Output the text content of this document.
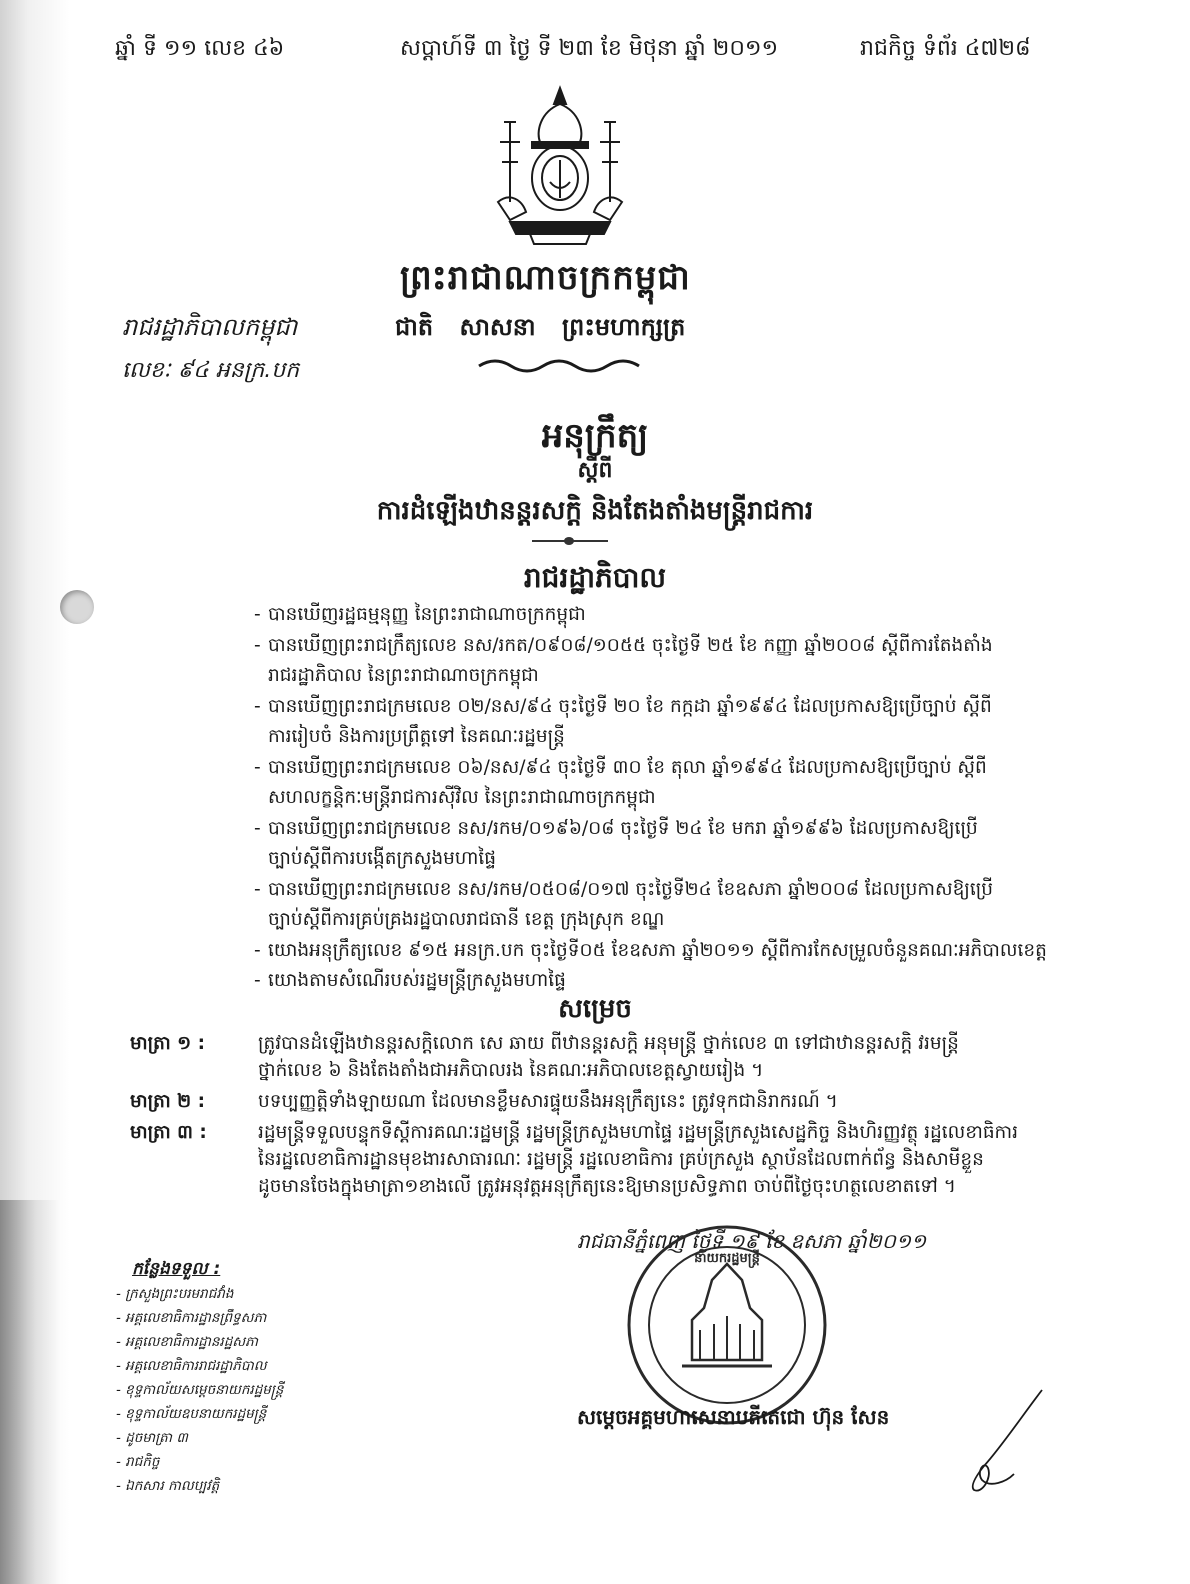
ឆ្នាំ ទី ១១ លេខ ៤៦	សប្តាហ៍ទី ៣ ថ្ងៃ ទី ២៣ ខែ មិថុនា ឆ្នាំ ២០១១	រាជកិច្ច ទំព័រ ៤៧២៨
ព្រះរាជាណាចក្រកម្ពុជា
រាជរដ្ឋាភិបាលកម្ពុជា	ជាតិ សាសនា ព្រះមហាក្សត្រ
លេខៈ ៩៤ អនក្រ.បក
អនុក្រឹត្យ
ស្តីពី
ការដំឡើងឋានន្តរសក្តិ និងតែងតាំងមន្ត្រីរាជការ
រាជរដ្ឋាភិបាល
- បានឃើញរដ្ឋធម្មនុញ្ញ នៃព្រះរាជាណាចក្រកម្ពុជា
- បានឃើញព្រះរាជក្រឹត្យលេខ នស/រកត/០៩០៨/១០៥៥ ចុះថ្ងៃទី ២៥ ខែ កញ្ញា ឆ្នាំ២០០៨ ស្តីពីការតែងតាំង
រាជរដ្ឋាភិបាល នៃព្រះរាជាណាចក្រកម្ពុជា
- បានឃើញព្រះរាជក្រមលេខ ០២/នស/៩៤ ចុះថ្ងៃទី ២០ ខែ កក្កដា ឆ្នាំ១៩៩៤ ដែលប្រកាសឱ្យប្រើច្បាប់ ស្តីពី
ការរៀបចំ និងការប្រព្រឹត្តទៅ នៃគណៈរដ្ឋមន្ត្រី
- បានឃើញព្រះរាជក្រមលេខ ០៦/នស/៩៤ ចុះថ្ងៃទី ៣០ ខែ តុលា ឆ្នាំ១៩៩៤ ដែលប្រកាសឱ្យប្រើច្បាប់ ស្តីពី
សហលក្ខន្តិកៈមន្ត្រីរាជការស៊ីវិល នៃព្រះរាជាណាចក្រកម្ពុជា
- បានឃើញព្រះរាជក្រមលេខ នស/រកម/០១៩៦/០៨ ចុះថ្ងៃទី ២៤ ខែ មករា ឆ្នាំ១៩៩៦ ដែលប្រកាសឱ្យប្រើ
ច្បាប់ស្តីពីការបង្កើតក្រសួងមហាផ្ទៃ
- បានឃើញព្រះរាជក្រមលេខ នស/រកម/០៥០៨/០១៧ ចុះថ្ងៃទី២៤ ខែឧសភា ឆ្នាំ២០០៨ ដែលប្រកាសឱ្យប្រើ
ច្បាប់ស្តីពីការគ្រប់គ្រងរដ្ឋបាលរាជធានី ខេត្ត ក្រុងស្រុក ខណ្ឌ
- យោងអនុក្រឹត្យលេខ ៩១៥ អនក្រ.បក ចុះថ្ងៃទី០៥ ខែឧសភា ឆ្នាំ២០១១ ស្តីពីការកែសម្រួលចំនួនគណៈអភិបាលខេត្ត
- យោងតាមសំណើរបស់រដ្ឋមន្ត្រីក្រសួងមហាផ្ទៃ
សម្រេច
មាត្រា ១ :	ត្រូវបានដំឡើងឋានន្តរសក្តិលោក សេ ឆាយ ពីឋានន្តរសក្តិ អនុមន្ត្រី ថ្នាក់លេខ ៣ ទៅជាឋានន្តរសក្តិ វរមន្ត្រី
ថ្នាក់លេខ ៦ និងតែងតាំងជាអភិបាលរង នៃគណៈអភិបាលខេត្តស្វាយរៀង ។
មាត្រា ២ :	បទប្បញ្ញត្តិទាំងឡាយណា ដែលមានខ្លឹមសារផ្ទុយនឹងអនុក្រឹត្យនេះ ត្រូវទុកជានិរាករណ៍ ។
មាត្រា ៣ :	រដ្ឋមន្ត្រីទទួលបន្ទុកទីស្តីការគណៈរដ្ឋមន្ត្រី រដ្ឋមន្ត្រីក្រសួងមហាផ្ទៃ រដ្ឋមន្ត្រីក្រសួងសេដ្ឋកិច្ច និងហិរញ្ញវត្ថុ រដ្ឋលេខាធិការ
នៃរដ្ឋលេខាធិការដ្ឋានមុខងារសាធារណៈ រដ្ឋមន្ត្រី រដ្ឋលេខាធិការ គ្រប់ក្រសួង ស្ថាប័នដែលពាក់ព័ន្ធ និងសាមីខ្លួន
ដូចមានចែងក្នុងមាត្រា១ខាងលើ ត្រូវអនុវត្តអនុក្រឹត្យនេះឱ្យមានប្រសិទ្ធភាព ចាប់ពីថ្ងៃចុះហត្ថលេខាតទៅ ។
រាជធានីភ្នំពេញ ថ្ងៃទី ១៩ ខែ ឧសភា ឆ្នាំ២០១១
កន្លែងទទួល :
- ក្រសួងព្រះបរមរាជវាំង
- អគ្គលេខាធិការដ្ឋានព្រឹទ្ធសភា
- អគ្គលេខាធិការដ្ឋានរដ្ឋសភា
- អគ្គលេខាធិការរាជរដ្ឋាភិបាល
- ខុទ្ទកាល័យសម្តេចនាយករដ្ឋមន្ត្រី
- ខុទ្ទកាល័យឧបនាយករដ្ឋមន្ត្រី
- ដូចមាត្រា ៣
- រាជកិច្ច
- ឯកសារ កាលប្បវត្តិ
នាយករដ្ឋមន្ត្រី
សម្តេចអគ្គមហាសេនាបតីតេជោ ហ៊ុន សែន
